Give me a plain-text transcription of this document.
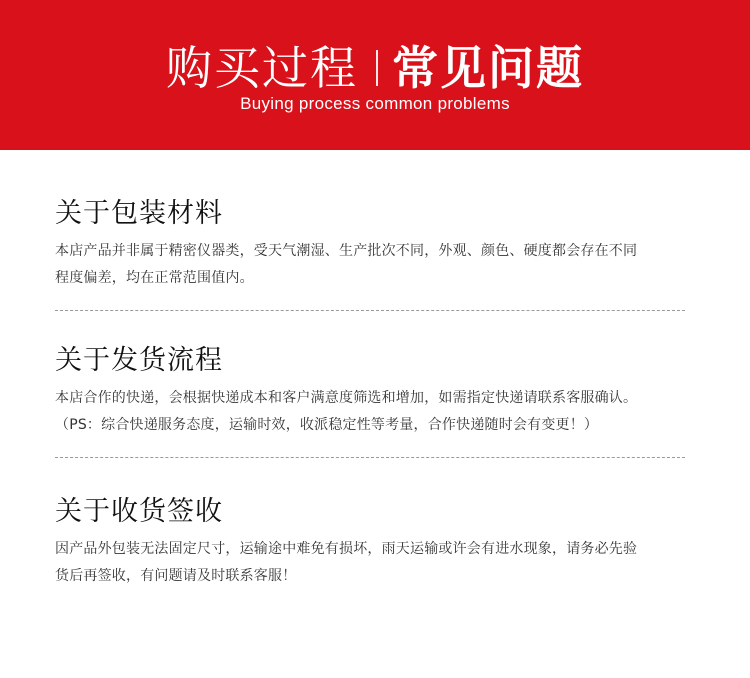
购买过程 常见问题
Buying process common problems
关于包装材料

本店产品并非属于精密仪器类，受天气潮湿、生产批次不同，外观、颜色、硬度都会存在不同
程度偏差，均在正常范围值内。

关于发货流程

本店合作的快递，会根据快递成本和客户满意度筛选和增加，如需指定快递请联系客服确认。
（PS：综合快递服务态度，运输时效，收派稳定性等考量，合作快递随时会有变更！）

关于收货签收

因产品外包装无法固定尺寸，运输途中难免有损坏，雨天运输或许会有进水现象，请务必先验
货后再签收，有问题请及时联系客服！
